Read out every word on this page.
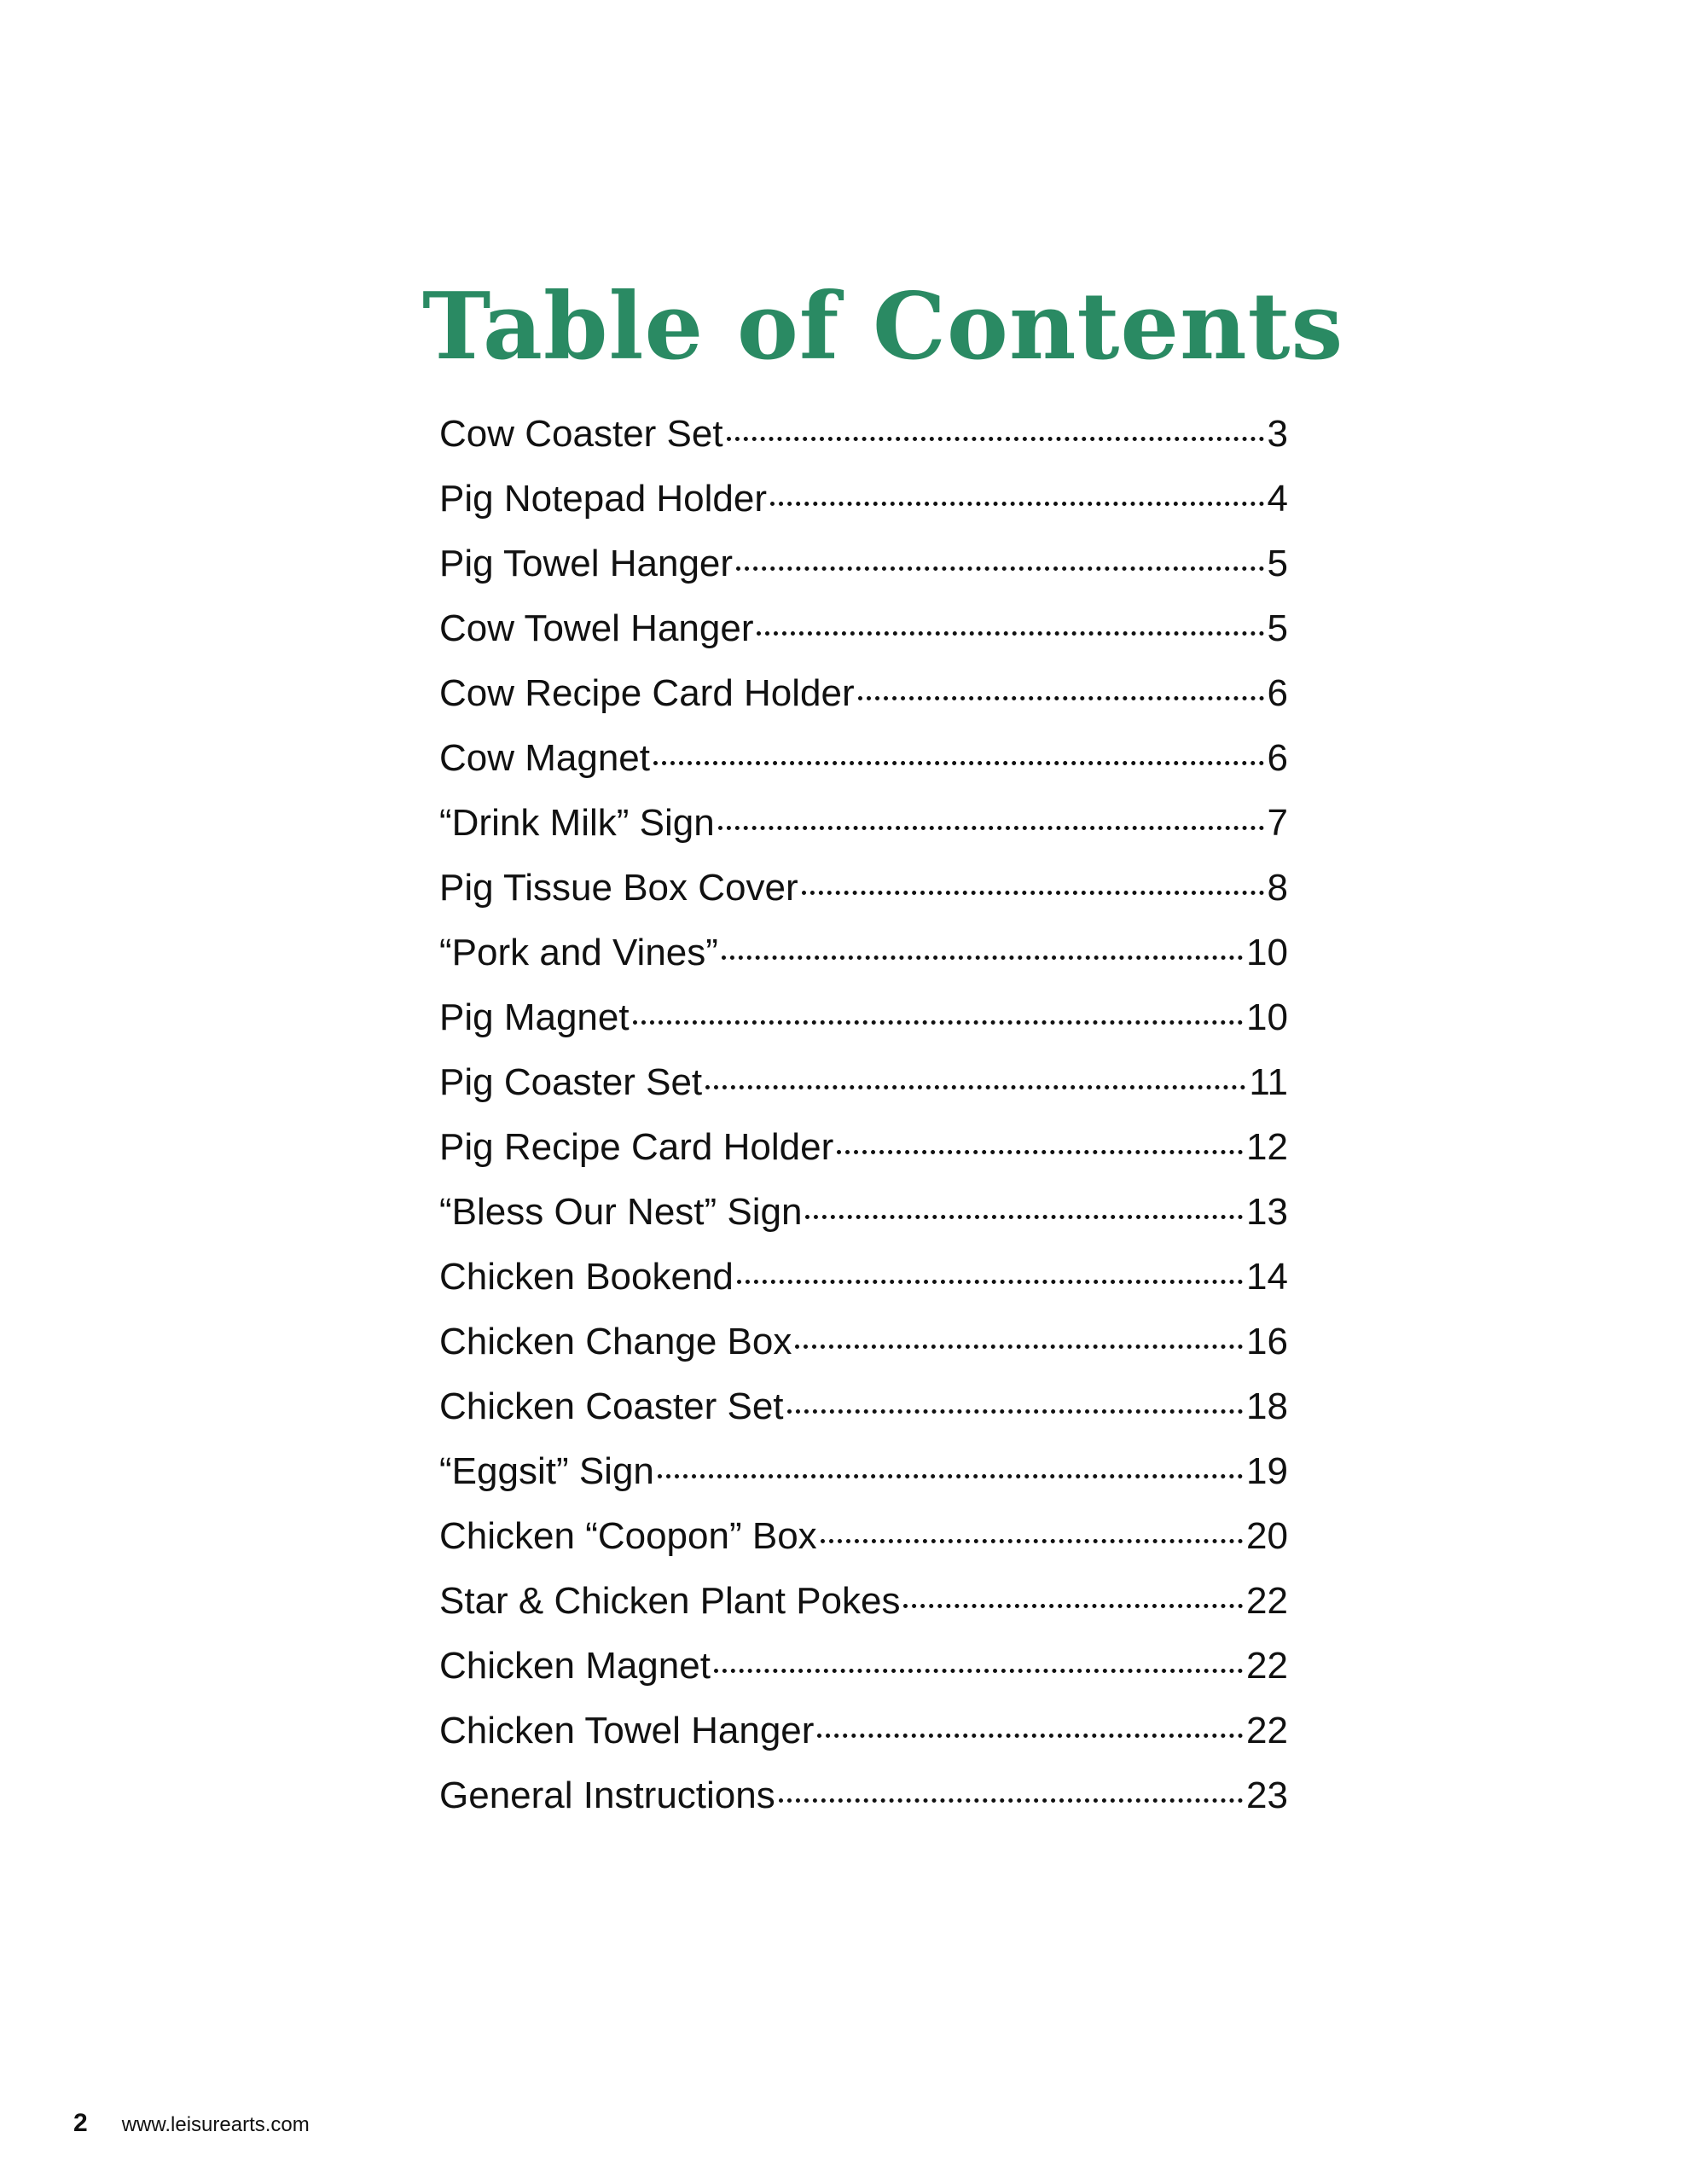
Table of Contents
Cow Coaster Set	3
Pig Notepad Holder	4
Pig Towel Hanger	5
Cow Towel Hanger	5
Cow Recipe Card Holder	6
Cow Magnet	6
“Drink Milk” Sign	7
Pig Tissue Box Cover	8
“Pork and Vines”	10
Pig Magnet	10
Pig Coaster Set	11
Pig Recipe Card Holder	12
“Bless Our Nest” Sign	13
Chicken Bookend	14
Chicken Change Box	16
Chicken Coaster Set	18
“Eggsit” Sign	19
Chicken “Coopon” Box	20
Star & Chicken Plant Pokes	22
Chicken Magnet	22
Chicken Towel Hanger	22
General Instructions	23
2 www.leisurearts.com
